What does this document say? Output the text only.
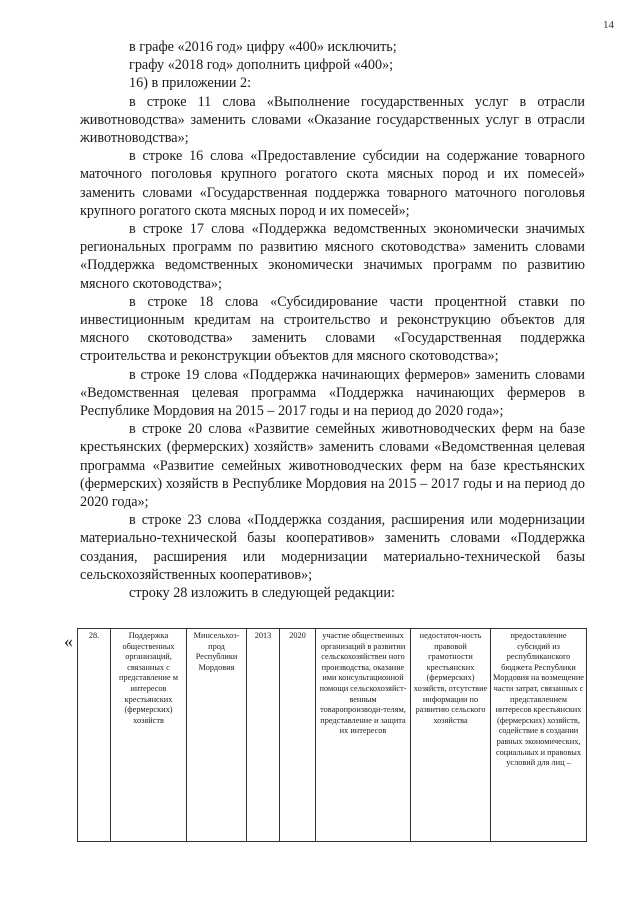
14

в графе «2016 год» цифру «400» исключить;

графу «2018 год» дополнить цифрой «400»;

16) в приложении 2:

в строке 11 слова «Выполнение государственных услуг в отрасли животноводства» заменить словами «Оказание государственных услуг в отрасли животноводства»;

в строке 16 слова «Предоставление субсидии на содержание товарного маточного поголовья крупного рогатого скота мясных пород и их помесей» заменить словами «Государственная поддержка товарного маточного поголовья крупного рогатого скота мясных пород и их помесей»;

в строке 17 слова «Поддержка ведомственных экономически значимых региональных программ по развитию мясного скотоводства» заменить словами «Поддержка ведомственных экономически значимых программ по развитию мясного скотоводства»;

в строке 18 слова «Субсидирование части процентной ставки по инвестиционным кредитам на строительство и реконструкцию объектов для мясного скотоводства» заменить словами «Государственная поддержка строительства и реконструкции объектов для мясного скотоводства»;

в строке 19 слова «Поддержка начинающих фермеров» заменить словами «Ведомственная целевая программа «Поддержка начинающих фермеров в Республике Мордовия на 2015 – 2017 годы и на период до 2020 года»;

в строке 20 слова «Развитие семейных животноводческих ферм на базе крестьянских (фермерских) хозяйств» заменить словами «Ведомственная целевая программа «Развитие семейных животноводческих ферм на базе крестьянских (фермерских) хозяйств в Республике Мордовия на 2015 – 2017 годы и на период до 2020 года»;

в строке 23 слова «Поддержка создания, расширения или модернизации материально-технической базы кооперативов» заменить словами «Поддержка создания, расширения или модернизации материально-технической базы сельскохозяйственных кооперативов»;

строку 28 изложить в следующей редакции:

« 28.	Поддержка общественных организаций, связанных с представление м интересов крестьянских (фермерских) хозяйств	Минсельхоз-прод Республики Мордовия	2013	2020	участие общественных организаций в развитии сельскохозяйствен ного производства, оказание ими консультационной помощи сельскохозяйст-венным товаропроизводи-телям, представление и защита их интересов	недостаточ-ность правовой грамотности крестьянских (фермерских) хозяйств, отсутствие информации по развитию сельского хозяйства	предоставление субсидий из республиканского бюджета Республики Мордовия на возмещение части затрат, связанных с представлением интересов крестьянских (фермерских) хозяйств, содействие в создании равных экономических, социальных и правовых условий для лиц –
